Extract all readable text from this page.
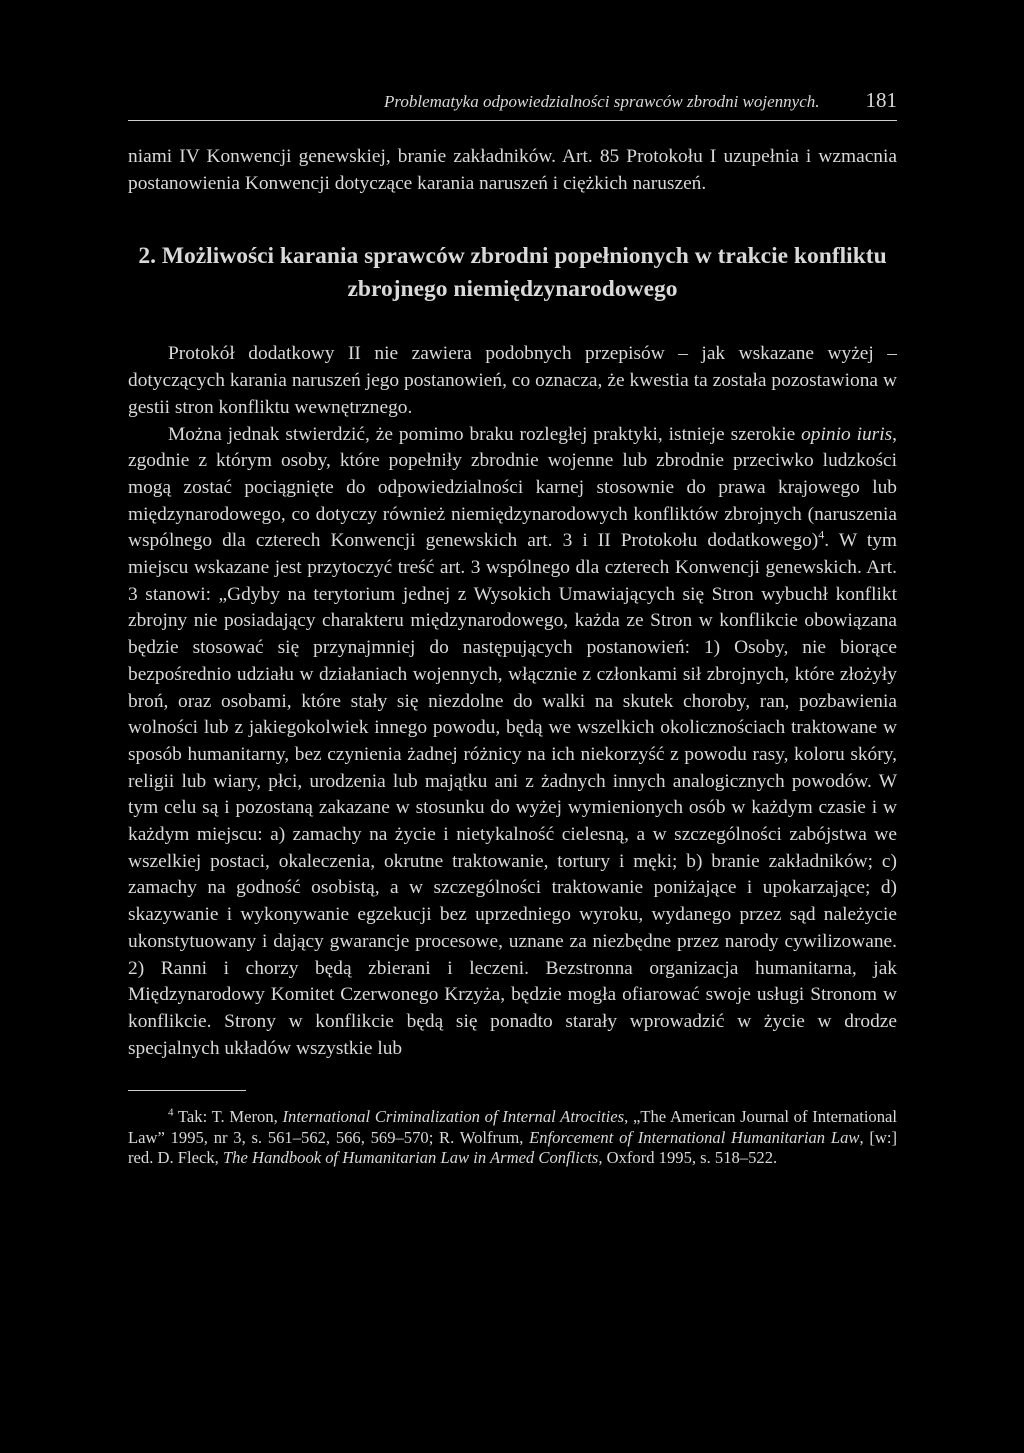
Problematyka odpowiedzialności sprawców zbrodni wojennych. 181

niami IV Konwencji genewskiej, branie zakładników. Art. 85 Protokołu I uzupełnia i wzmacnia postanowienia Konwencji dotyczące karania naruszeń i ciężkich naruszeń.

2. Możliwości karania sprawców zbrodni popełnionych w trakcie konfliktu zbrojnego niemiędzynarodowego

Protokół dodatkowy II nie zawiera podobnych przepisów – jak wskazane wyżej – dotyczących karania naruszeń jego postanowień, co oznacza, że kwestia ta została pozostawiona w gestii stron konfliktu wewnętrznego.

Można jednak stwierdzić, że pomimo braku rozległej praktyki, istnieje szerokie opinio iuris, zgodnie z którym osoby, które popełniły zbrodnie wojenne lub zbrodnie przeciwko ludzkości mogą zostać pociągnięte do odpowiedzialności karnej stosownie do prawa krajowego lub międzynarodowego, co dotyczy również niemiędzynarodowych konfliktów zbrojnych (naruszenia wspólnego dla czterech Konwencji genewskich art. 3 i II Protokołu dodatkowego)$^4$. W tym miejscu wskazane jest przytoczyć treść art. 3 wspólnego dla czterech Konwencji genewskich. Art. 3 stanowi: „Gdyby na terytorium jednej z Wysokich Umawiających się Stron wybuchł konflikt zbrojny nie posiadający charakteru międzynarodowego, każda ze Stron w konflikcie obowiązana będzie stosować się przynajmniej do następujących postanowień: 1) Osoby, nie biorące bezpośrednio udziału w działaniach wojennych, włącznie z członkami sił zbrojnych, które złożyły broń, oraz osobami, które stały się niezdolne do walki na skutek choroby, ran, pozbawienia wolności lub z jakiegokolwiek innego powodu, będą we wszelkich okolicznościach traktowane w sposób humanitarny, bez czynienia żadnej różnicy na ich niekorzyść z powodu rasy, koloru skóry, religii lub wiary, płci, urodzenia lub majątku ani z żadnych innych analogicznych powodów. W tym celu są i pozostaną zakazane w stosunku do wyżej wymienionych osób w każdym czasie i w każdym miejscu: a) zamachy na życie i nietykalność cielesną, a w szczególności zabójstwa we wszelkiej postaci, okaleczenia, okrutne traktowanie, tortury i męki; b) branie zakładników; c) zamachy na godność osobistą, a w szczególności traktowanie poniżające i upokarzające; d) skazywanie i wykonywanie egzekucji bez uprzedniego wyroku, wydanego przez sąd należycie ukonstytuowany i dający gwarancje procesowe, uznane za niezbędne przez narody cywilizowane. 2) Ranni i chorzy będą zbierani i leczeni. Bezstronna organizacja humanitarna, jak Międzynarodowy Komitet Czerwonego Krzyża, będzie mogła ofiarować swoje usługi Stronom w konflikcie. Strony w konflikcie będą się ponadto starały wprowadzić w życie w drodze specjalnych układów wszystkie lub

$^4$ Tak: T. Meron, International Criminalization of Internal Atrocities, „The American Journal of International Law” 1995, nr 3, s. 561–562, 566, 569–570; R. Wolfrum, Enforcement of International Humanitarian Law, [w:] red. D. Fleck, The Handbook of Humanitarian Law in Armed Conflicts, Oxford 1995, s. 518–522.
